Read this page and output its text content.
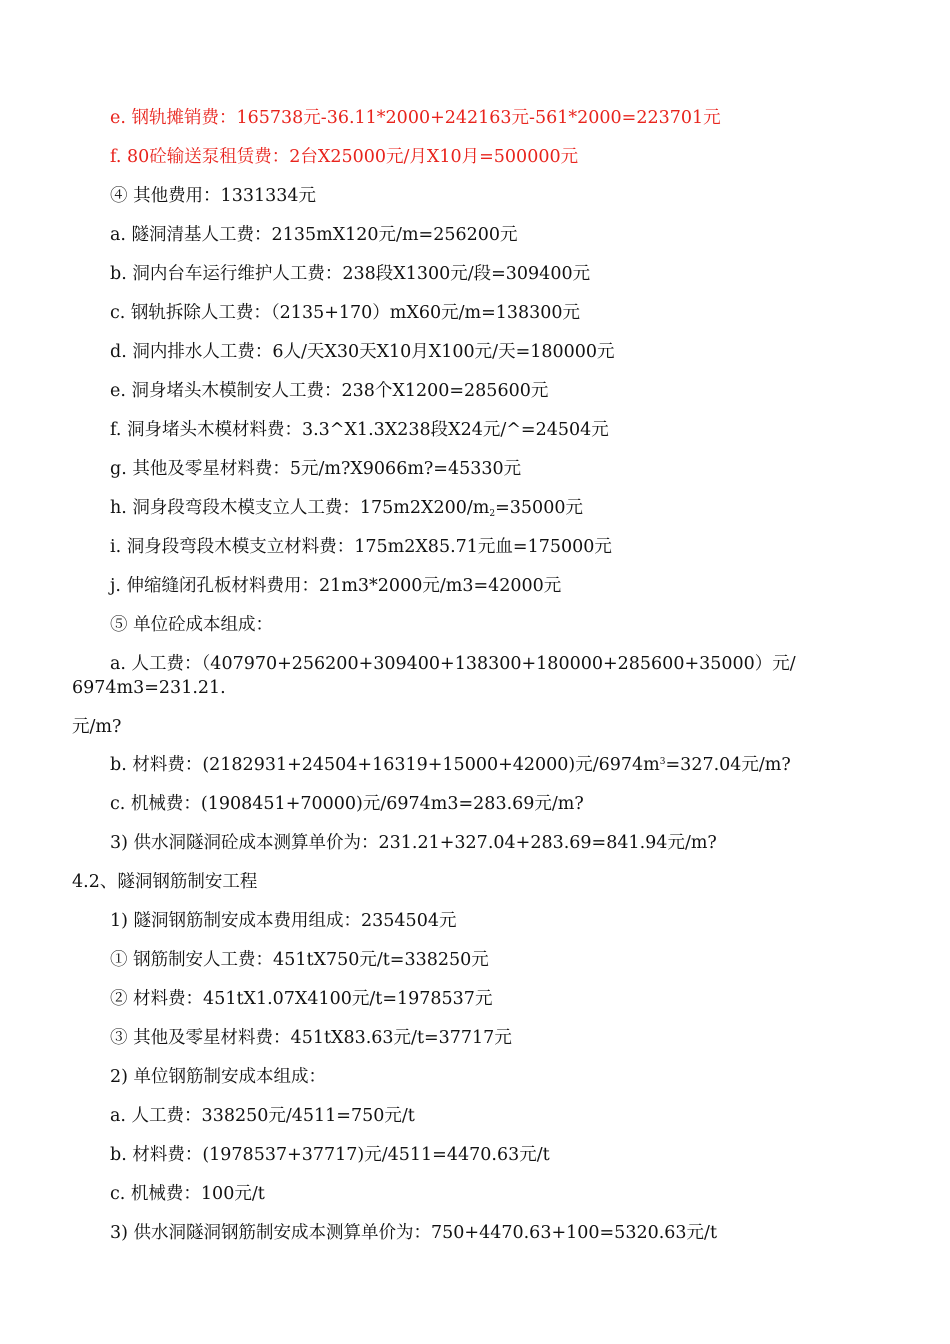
e. 钢轨摊销费：165738元-36.11*2000+242163元-561*2000=223701元
f. 80砼输送泵租赁费：2台X25000元/月X10月=500000元
④ 其他费用：1331334元
a. 隧洞清基人工费：2135mX120元/m=256200元
b. 洞内台车运行维护人工费：238段X1300元/段=309400元
c. 钢轨拆除人工费：（2135+170）mX60元/m=138300元
d. 洞内排水人工费：6人/天X30天X10月X100元/天=180000元
e. 洞身堵头木模制安人工费：238个X1200=285600元
f. 洞身堵头木模材料费：3.3^X1.3X238段X24元/^=24504元
g. 其他及零星材料费：5元/m?X9066m?=45330元
h. 洞身段弯段木模支立人工费：$175m2X200/m_2=35000$元
i. 洞身段弯段木模支立材料费：175m2X85.71元血=175000元
j. 伸缩缝闭孔板材料费用：21m3*2000元/m3=42000元
⑤ 单位砼成本组成：
a. 人工费：（407970+256200+309400+138300+180000+285600+35000）元/
6974m3=231.21.
元/m?
b. 材料费：(2182931+24504+16319+15000+42000)元$/6974m^3=327.04$元/m?
c. 机械费：(1908451+70000)元/6974m3=283.69元/m?
3) 供水洞隧洞砼成本测算单价为：231.21+327.04+283.69=841.94元/m?
4.2、隧洞钢筋制安工程
1) 隧洞钢筋制安成本费用组成：2354504元
① 钢筋制安人工费：451tX750元/t=338250元
② 材料费：451tX1.07X4100元/t=1978537元
③ 其他及零星材料费：451tX83.63元/t=37717元
2) 单位钢筋制安成本组成：
a. 人工费：338250元/4511=750元/t
b. 材料费：(1978537+37717)元/4511=4470.63元/t
c. 机械费：100元/t
3) 供水洞隧洞钢筋制安成本测算单价为：750+4470.63+100=5320.63元/t
